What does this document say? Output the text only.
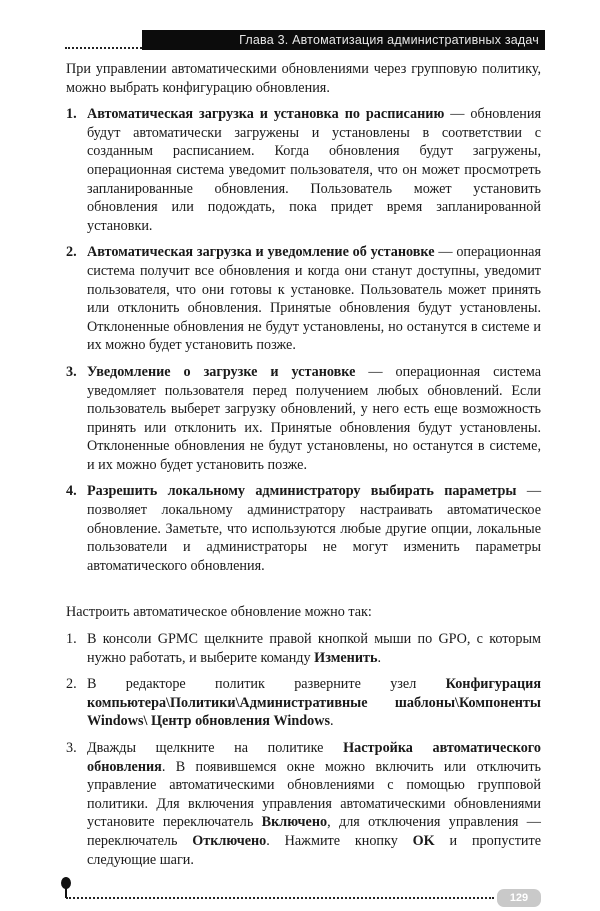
Глава 3. Автоматизация административных задач

При управлении автоматическими обновлениями через групповую политику, можно выбрать конфигурацию обновления.

1. Автоматическая загрузка и установка по расписанию — обновления будут автоматически загружены и установлены в соответствии с созданным расписанием. Когда обновления будут загружены, операционная система уведомит пользователя, что он может просмотреть запланированные обновления. Пользователь может установить обновления или подождать, пока придет время запланированной установки.
2. Автоматическая загрузка и уведомление об установке — операционная система получит все обновления и когда они станут доступны, уведомит пользователя, что они готовы к установке. Пользователь может принять или отклонить обновления. Принятые обновления будут установлены. Отклоненные обновления не будут установлены, но останутся в системе и их можно будет установить позже.
3. Уведомление о загрузке и установке — операционная система уведомляет пользователя перед получением любых обновлений. Если пользователь выберет загрузку обновлений, у него есть еще возможность принять или отклонить их. Принятые обновления будут установлены. Отклоненные обновления не будут установлены, но останутся в системе, и их можно будет установить позже.
4. Разрешить локальному администратору выбирать параметры — позволяет локальному администратору настраивать автоматическое обновление. Заметьте, что используются любые другие опции, локальные пользователи и администраторы не могут изменить параметры автоматического обновления.

Настроить автоматическое обновление можно так:

1. В консоли GPMC щелкните правой кнопкой мыши по GPO, с которым нужно работать, и выберите команду Изменить.
2. В редакторе политик разверните узел Конфигурация компьютера\Политики\Административные шаблоны\Компоненты Windows\ Центр обновления Windows.
3. Дважды щелкните на политике Настройка автоматического обновления. В появившемся окне можно включить или отключить управление автоматическими обновлениями с помощью групповой политики. Для включения управления автоматическими обновлениями установите переключатель Включено, для отключения управления — переключатель Отключено. Нажмите кнопку OK и пропустите следующие шаги.
129
